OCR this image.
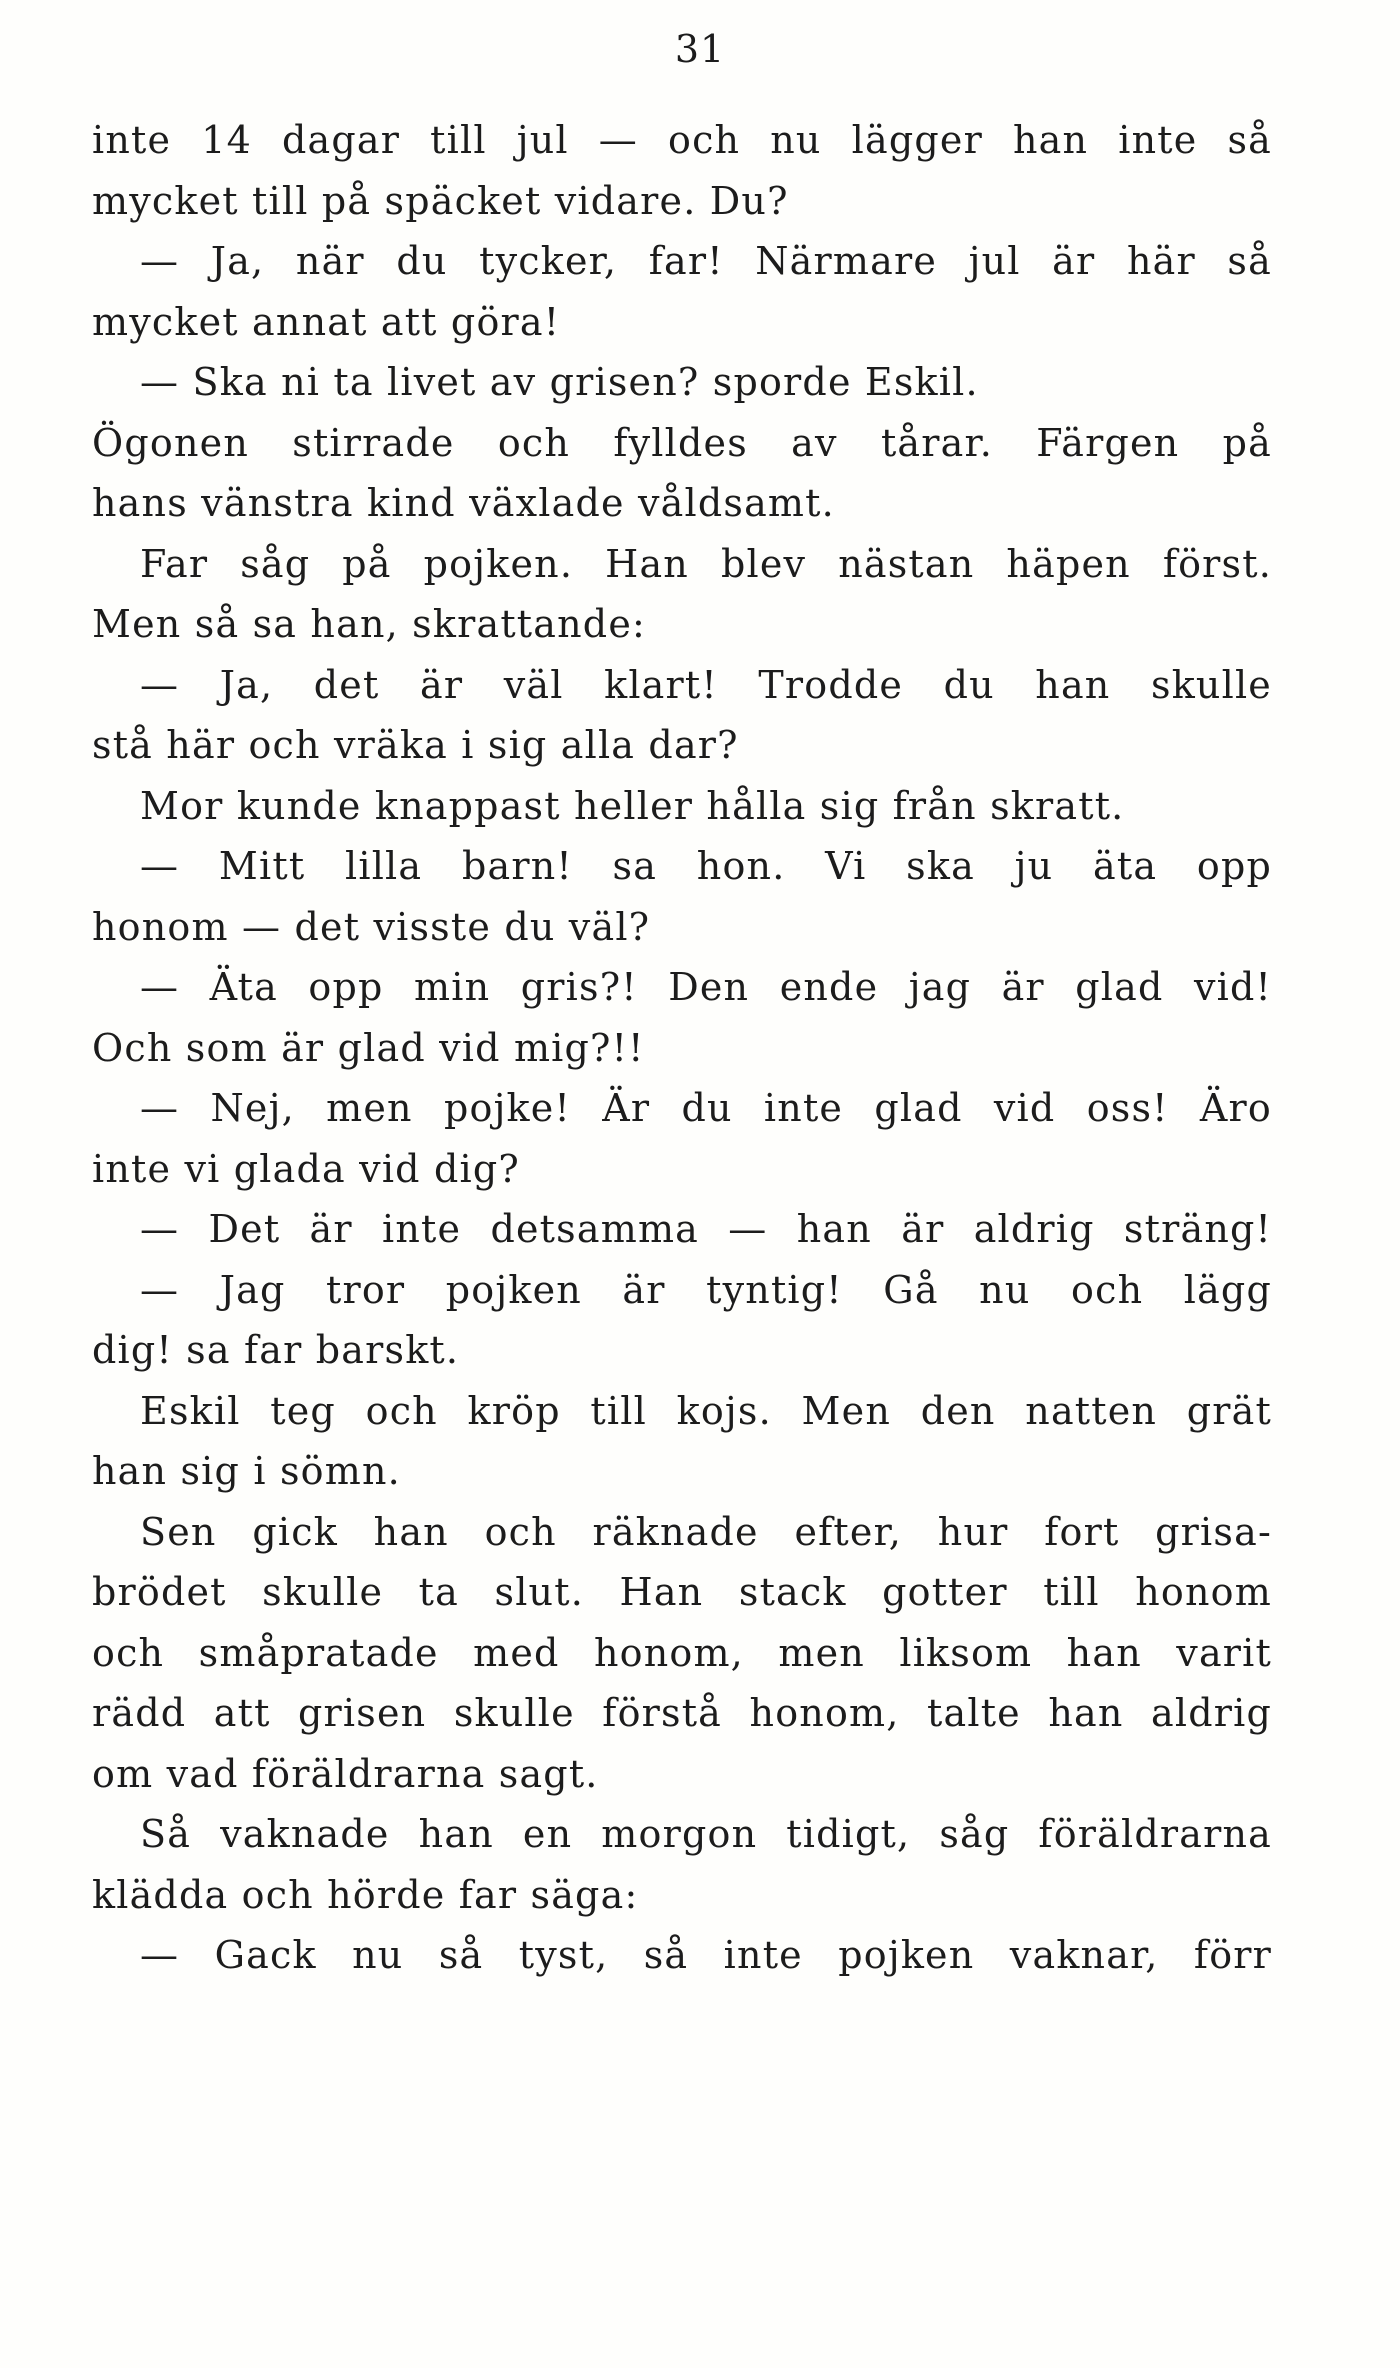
31
inte 14 dagar till jul — och nu lägger han inte så
mycket till på späcket vidare. Du?
— Ja, när du tycker, far! Närmare jul är här så
mycket annat att göra!
— Ska ni ta livet av grisen? sporde Eskil.
Ögonen stirrade och fylldes av tårar. Färgen på
hans vänstra kind växlade våldsamt.
Far såg på pojken. Han blev nästan häpen först.
Men så sa han, skrattande:
— Ja, det är väl klart! Trodde du han skulle
stå här och vräka i sig alla dar?
Mor kunde knappast heller hålla sig från skratt.
— Mitt lilla barn! sa hon. Vi ska ju äta opp
honom — det visste du väl?
— Äta opp min gris?! Den ende jag är glad vid!
Och som är glad vid mig?!!
— Nej, men pojke! Är du inte glad vid oss! Äro
inte vi glada vid dig?
— Det är inte detsamma — han är aldrig sträng!
— Jag tror pojken är tyntig! Gå nu och lägg
dig! sa far barskt.
Eskil teg och kröp till kojs. Men den natten grät
han sig i sömn.
Sen gick han och räknade efter, hur fort grisa-
brödet skulle ta slut. Han stack gotter till honom
och småpratade med honom, men liksom han varit
rädd att grisen skulle förstå honom, talte han aldrig
om vad föräldrarna sagt.
Så vaknade han en morgon tidigt, såg föräldrarna
klädda och hörde far säga:
— Gack nu så tyst, så inte pojken vaknar, förr
